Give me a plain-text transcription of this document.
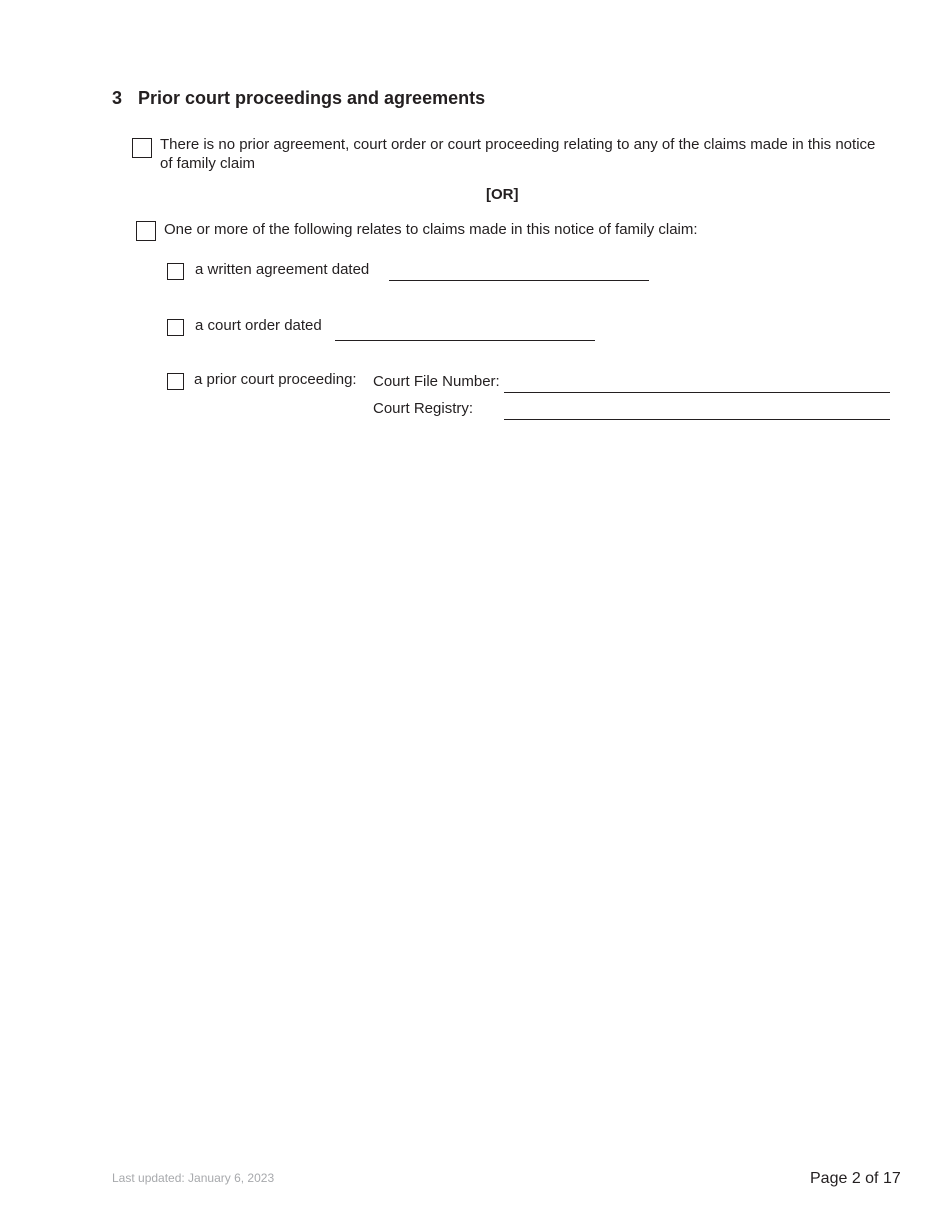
3 Prior court proceedings and agreements
There is no prior agreement, court order or court proceeding relating to any of the claims made in this notice of family claim
[OR]
One or more of the following relates to claims made in this notice of family claim:
a written agreement dated
a court order dated
a prior court proceeding: Court File Number:
Court Registry:
Last updated: January 6, 2023	Page 2 of 17
